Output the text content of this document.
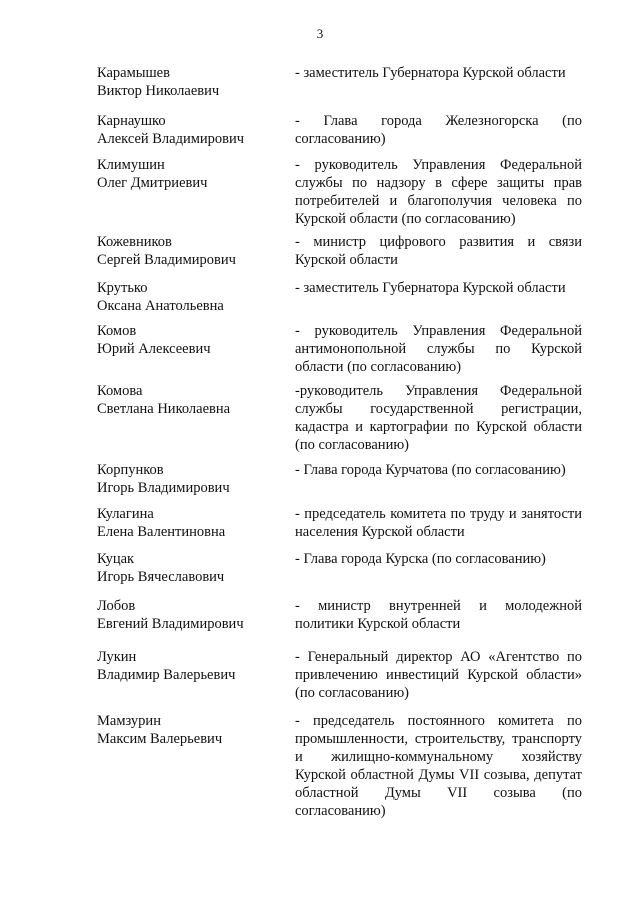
3
Карамышев
Виктор Николаевич
- заместитель Губернатора Курской области
Карнаушко
Алексей Владимирович
- Глава города Железногорска (по согласованию)
Климушин
Олег Дмитриевич
- руководитель Управления Федеральной службы по надзору в сфере защиты прав потребителей и благополучия человека по Курской области (по согласованию)
Кожевников
Сергей Владимирович
- министр цифрового развития и связи Курской области
Крутько
Оксана Анатольевна
- заместитель Губернатора Курской области
Комов
Юрий Алексеевич
- руководитель Управления Федеральной антимонопольной службы по Курской области (по согласованию)
Комова
Светлана Николаевна
-руководитель Управления Федеральной службы государственной регистрации, кадастра и картографии по Курской области (по согласованию)
Корпунков
Игорь Владимирович
- Глава города Курчатова (по согласованию)
Кулагина
Елена Валентиновна
- председатель комитета по труду и занятости населения Курской области
Куцак
Игорь Вячеславович
- Глава города Курска (по согласованию)
Лобов
Евгений Владимирович
- министр внутренней и молодежной политики Курской области
Лукин
Владимир Валерьевич
- Генеральный директор АО «Агентство по привлечению инвестиций Курской области» (по согласованию)
Мамзурин
Максим Валерьевич
- председатель постоянного комитета по промышленности, строительству, транспорту и жилищно-коммунальному хозяйству Курской областной Думы VII созыва, депутат областной Думы VII созыва (по согласованию)
